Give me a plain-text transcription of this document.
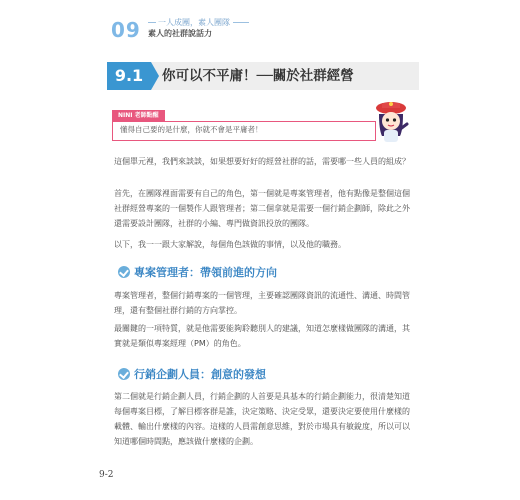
09	一人成團，素人團隊
素人的社群說話力
9.1	你可以不平庸！──關於社群經營
NINI 老師點醒
懂得自己要的是什麼，你就不會是平庸者！

這個單元裡，我們來談談，如果想要好好的經營社群的話，需要哪一些人員的組成？

首先，在團隊裡面需要有自己的角色，第一個就是專案管理者，他有點像是整個這個社群經營專案的一個製作人跟管理者；第二個拿就是需要一個行銷企劃師，除此之外還需要設計團隊，社群的小編、專門做資訊投放的團隊。

以下，我一一跟大家解說，每個角色該做的事情，以及他的職務。

專案管理者：帶領前進的方向

專案管理者，整個行銷專案的一個管理，主要確認團隊資訊的流通性、溝通、時間管理，還有整個社群行銷的方向掌控。

最關鍵的一項特質，就是他需要能夠聆聽別人的建議，知道怎麼樣做團隊的溝通，其實就是類似專案經理（PM）的角色。

行銷企劃人員：創意的發想

第二個就是行銷企劃人員，行銷企劃的人首要是具基本的行銷企劃能力，很清楚知道每個專案目標，了解目標客群是誰，決定策略、決定受眾，還要決定要使用什麼樣的載體、輸出什麼樣的內容。這樣的人員需創意思維，對於市場具有敏銳度，所以可以知道哪個時間點，應該做什麼樣的企劃。

9-2
